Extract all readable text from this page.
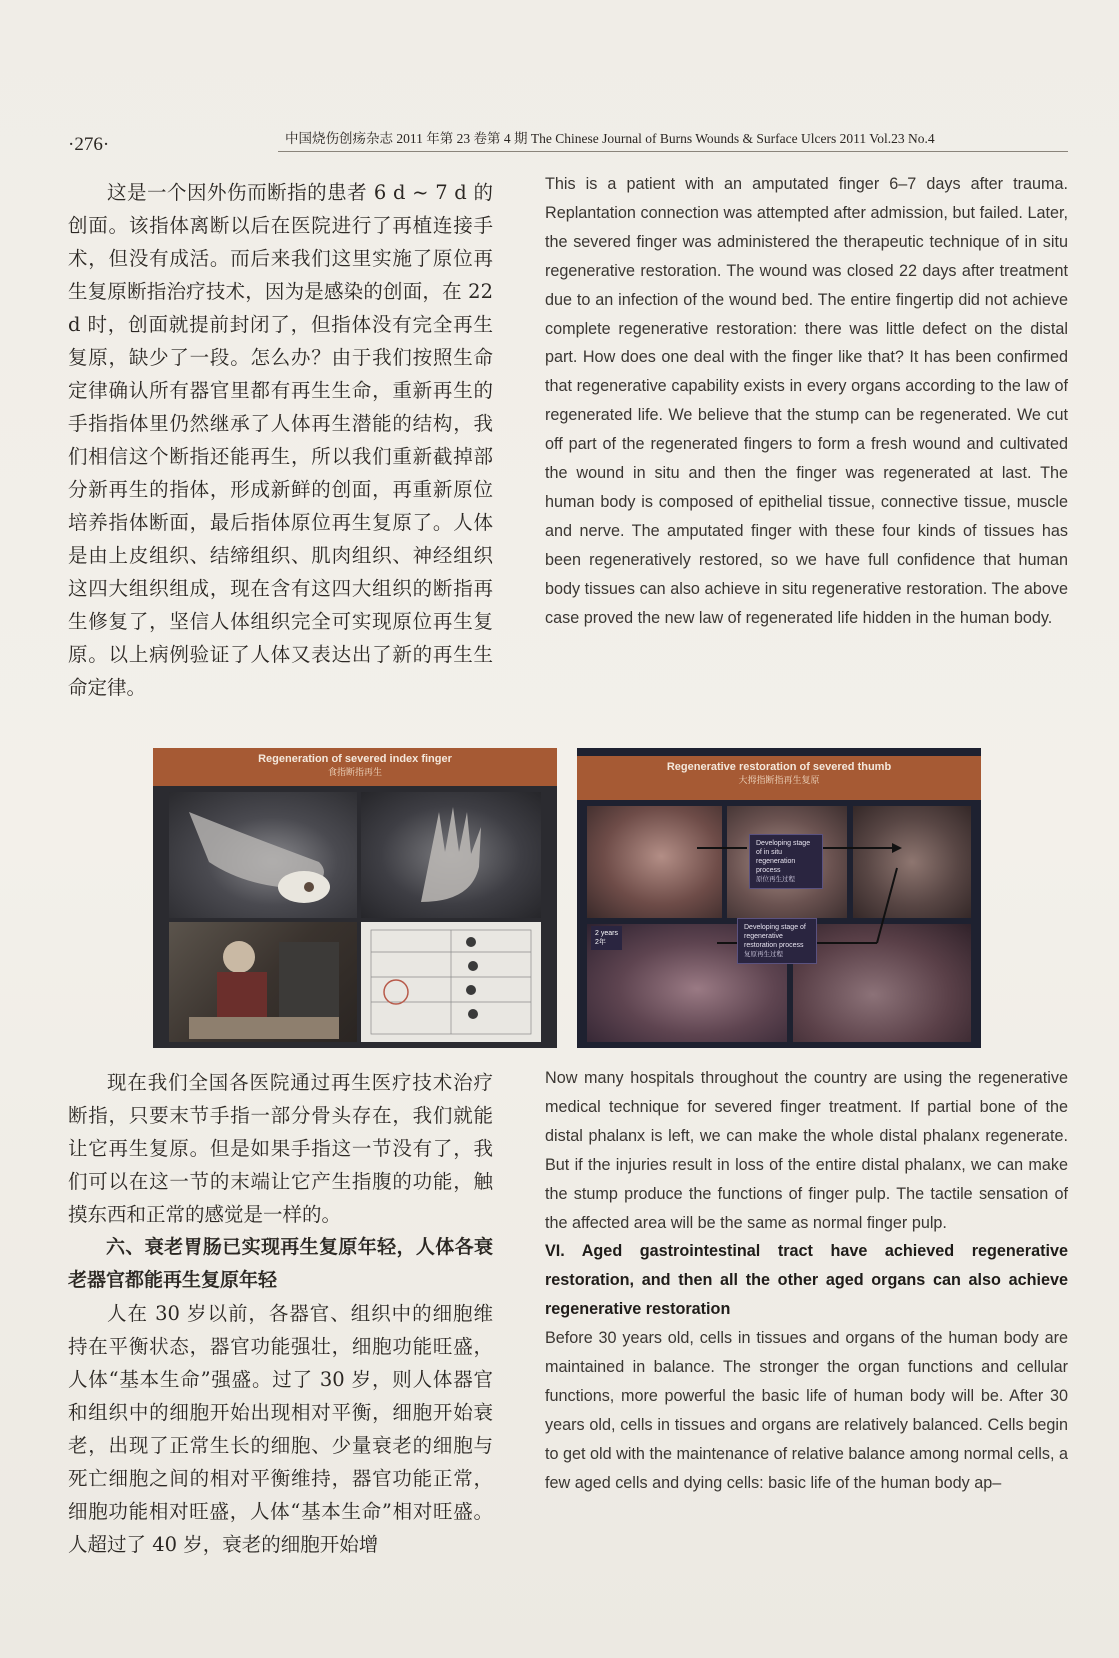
·276·	中国烧伤创疡杂志 2011 年第 23 卷第 4 期 The Chinese Journal of Burns Wounds & Surface Ulcers 2011 Vol.23 No.4

这是一个因外伤而断指的患者 6 d ~ 7 d 的创面。该指体离断以后在医院进行了再植连接手术，但没有成活。而后来我们这里实施了原位再生复原断指治疗技术，因为是感染的创面，在 22 d 时，创面就提前封闭了，但指体没有完全再生复原，缺少了一段。怎么办？由于我们按照生命定律确认所有器官里都有再生生命，重新再生的手指指体里仍然继承了人体再生潜能的结构，我们相信这个断指还能再生，所以我们重新截掉部分新再生的指体，形成新鲜的创面，再重新原位培养指体断面，最后指体原位再生复原了。人体是由上皮组织、结缔组织、肌肉组织、神经组织这四大组织组成，现在含有这四大组织的断指再生修复了，坚信人体组织完全可实现原位再生复原。以上病例验证了人体又表达出了新的再生生命定律。

This is a patient with an amputated finger 6–7 days after trauma. Replantation connection was attempted after admission, but failed. Later, the severed finger was administered the therapeutic technique of in situ regenerative restoration. The wound was closed 22 days after treatment due to an infection of the wound bed. The entire fingertip did not achieve complete regenerative restoration: there was little defect on the distal part. How does one deal with the finger like that? It has been confirmed that regenerative capability exists in every organs according to the law of regenerated life. We believe that the stump can be regenerated. We cut off part of the regenerated fingers to form a fresh wound and cultivated the wound in situ and then the finger was regenerated at last. The human body is composed of epithelial tissue, connective tissue, muscle and nerve. The amputated finger with these four kinds of tissues has been regeneratively restored, so we have full confidence that human body tissues can also achieve in situ regenerative restoration. The above case proved the new law of regenerated life hidden in the human body.

Regeneration of severed index finger
食指断指再生	Regenerative restoration of severed thumb
大拇指断指再生复原
Developing stage of in situ regeneration process
原位再生过程
Developing stage of regenerative restoration process
复原再生过程
2 years
2年

现在我们全国各医院通过再生医疗技术治疗断指，只要末节手指一部分骨头存在，我们就能让它再生复原。但是如果手指这一节没有了，我们可以在这一节的末端让它产生指腹的功能，触摸东西和正常的感觉是一样的。

六、衰老胃肠已实现再生复原年轻，人体各衰老器官都能再生复原年轻

人在 30 岁以前，各器官、组织中的细胞维持在平衡状态，器官功能强壮，细胞功能旺盛，人体“基本生命”强盛。过了 30 岁，则人体器官和组织中的细胞开始出现相对平衡，细胞开始衰老，出现了正常生长的细胞、少量衰老的细胞与死亡细胞之间的相对平衡维持，器官功能正常，细胞功能相对旺盛，人体“基本生命”相对旺盛。人超过了 40 岁，衰老的细胞开始增

Now many hospitals throughout the country are using the regenerative medical technique for severed finger treatment. If partial bone of the distal phalanx is left, we can make the whole distal phalanx regenerate. But if the injuries result in loss of the entire distal phalanx, we can make the stump produce the functions of finger pulp. The tactile sensation of the affected area will be the same as normal finger pulp.

VI. Aged gastrointestinal tract have achieved regenerative restoration, and then all the other aged organs can also achieve regenerative restoration

Before 30 years old, cells in tissues and organs of the human body are maintained in balance. The stronger the organ functions and cellular functions, more powerful the basic life of human body will be. After 30 years old, cells in tissues and organs are relatively balanced. Cells begin to get old with the maintenance of relative balance among normal cells, a few aged cells and dying cells: basic life of the human body ap–
